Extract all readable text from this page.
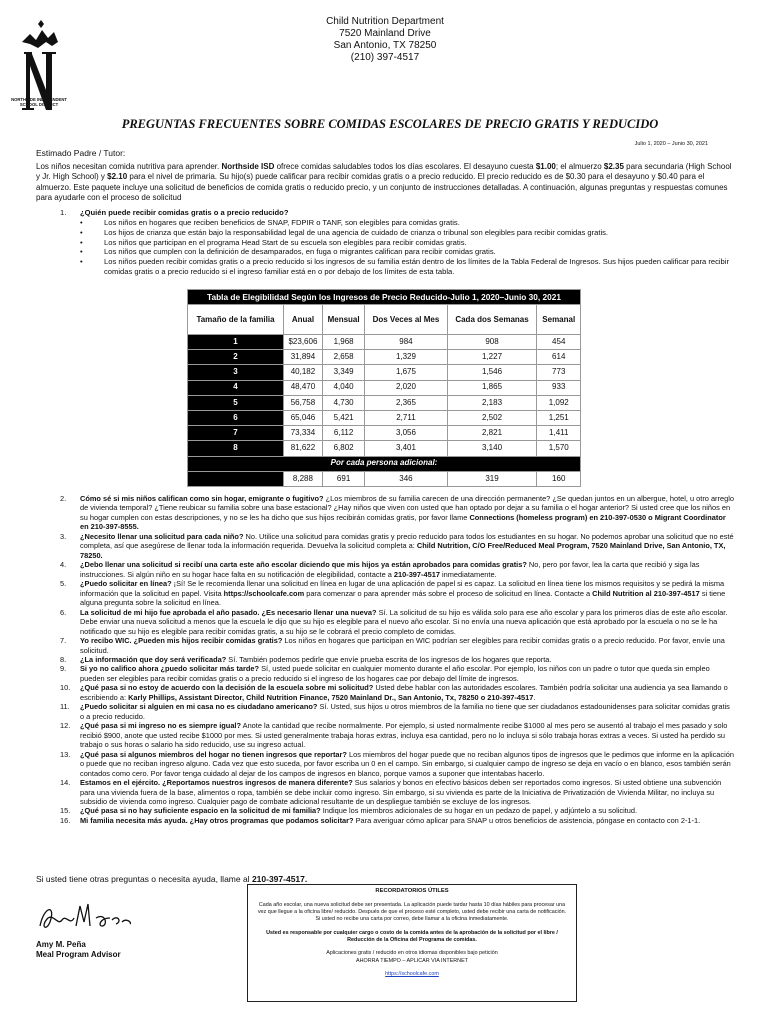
NORTHSIDE INDEPENDENT
SCHOOL DISTRICT
Child Nutrition Department
7520 Mainland Drive
San Antonio, TX 78250
(210) 397-4517
PREGUNTAS FRECUENTES SOBRE COMIDAS ESCOLARES DE PRECIO GRATIS Y REDUCIDO
Julio 1, 2020 – Junio 30, 2021
Estimado Padre / Tutor:
Los niños necesitan comida nutritiva para aprender. Northside ISD ofrece comidas saludables todos los días escolares. El desayuno cuesta $1.00; el almuerzo $2.35 para secundaria (High School y Jr. High School) y $2.10 para el nivel de primaria. Su hijo(s) puede calificar para recibir comidas gratis o a precio reducido. El precio reducido es de $0.30 para el desayuno y $0.40 para el almuerzo. Este paquete incluye una solicitud de beneficios de comida gratis o reducido precio, y un conjunto de instrucciones detalladas. A continuación, algunas preguntas y respuestas comunes para ayudarle con el proceso de solicitud
1.	¿Quién puede recibir comidas gratis o a precio reducido?
• Los niños en hogares que reciben beneficios de SNAP, FDPIR o TANF, son elegibles para comidas gratis.
• Los hijos de crianza que están bajo la responsabilidad legal de una agencia de cuidado de crianza o tribunal son elegibles para recibir comidas gratis.
• Los niños que participan en el programa Head Start de su escuela son elegibles para recibir comidas gratis.
• Los niños que cumplen con la definición de desamparados, en fuga o migrantes califican para recibir comidas gratis.
• Los niños pueden recibir comidas gratis o a precio reducido si los ingresos de su familia están dentro de los límites de la Tabla Federal de Ingresos. Sus hijos pueden calificar para recibir comidas gratis o a precio reducido si el ingreso familiar está en o por debajo de los límites de esta tabla.
Tabla de Elegibilidad Según los Ingresos de Precio Reducido-Julio 1, 2020–Junio 30, 2021					
Tamaño de la familia	Anual	Mensual	Dos Veces al Mes	Cada dos Semanas	Semanal
1	$23,606	1,968	984	908	454
2	31,894	2,658	1,329	1,227	614
3	40,182	3,349	1,675	1,546	773
4	48,470	4,040	2,020	1,865	933
5	56,758	4,730	2,365	2,183	1,092
6	65,046	5,421	2,711	2,502	1,251
7	73,334	6,112	3,056	2,821	1,411
8	81,622	6,802	3,401	3,140	1,570
Por cada persona adicional:					
	8,288	691	346	319	160
2.	Cómo sé si mis niños califican como sin hogar, emigrante o fugitivo? ¿Los miembros de su familia carecen de una dirección permanente? ¿Se quedan juntos en un albergue, hotel, u otro arreglo de vivienda temporal? ¿Tiene reubicar su familia sobre una base estacional? ¿Hay niños que viven con usted que han optado por dejar a su familia o el hogar anterior? Si usted cree que los niños en su hogar cumplen con estas descripciones, y no se les ha dicho que sus hijos recibirán comidas gratis, por favor llame Connections (homeless program) en 210-397-0530 o Migrant Coordinator en 210-397-8555.
3.	¿Necesito llenar una solicitud para cada niño? No. Utilice una solicitud para comidas gratis y precio reducido para todos los estudiantes en su hogar. No podemos aprobar una solicitud que no esté completa, así que asegúrese de llenar toda la información requerida. Devuelva la solicitud completa a: Child Nutrition, C/O Free/Reduced Meal Program, 7520 Mainland Drive, San Antonio, TX, 78250.
4.	¿Debo llenar una solicitud si recibí una carta este año escolar diciendo que mis hijos ya están aprobados para comidas gratis? No, pero por favor, lea la carta que recibió y siga las instrucciones. Si algún niño en su hogar hace falta en su notificación de elegibilidad, contacte a 210-397-4517 inmediatamente.
5.	¿Puedo solicitar en línea? ¡Sí! Se le recomienda llenar una solicitud en línea en lugar de una aplicación de papel si es capaz. La solicitud en línea tiene los mismos requisitos y se pedirá la misma información que la solicitud en papel. Visita https://schoolcafe.com para comenzar o para aprender más sobre el proceso de solicitud en línea. Contacte a Child Nutrition al 210-397-4517 si tiene alguna pregunta sobre la solicitud en línea.
6.	La solicitud de mi hijo fue aprobada el año pasado. ¿Es necesario llenar una nueva? Sí. La solicitud de su hijo es válida solo para ese año escolar y para los primeros días de este año escolar. Debe enviar una nueva solicitud a menos que la escuela le dijo que su hijo es elegible para el nuevo año escolar. Si no envía una nueva aplicación que está aprobado por la escuela o no se le ha notificado que su hijo es elegible para recibir comidas gratis, a su hijo se le cobrará el precio completo de comidas.
7.	Yo recibo WIC. ¿Pueden mis hijos recibir comidas gratis? Los niños en hogares que participan en WIC podrían ser elegibles para recibir comidas gratis o a precio reducido. Por favor, envíe una solicitud.
8.	¿La información que doy será verificada? Sí. También podemos pedirle que envíe prueba escrita de los ingresos de los hogares que reporta.
9.	Si yo no califico ahora ¿puedo solicitar más tarde? Sí, usted puede solicitar en cualquier momento durante el año escolar. Por ejemplo, los niños con un padre o tutor que queda sin empleo pueden ser elegibles para recibir comidas gratis o a precio reducido si el ingreso de los hogares cae por debajo del límite de ingresos.
10.	¿Qué pasa si no estoy de acuerdo con la decisión de la escuela sobre mi solicitud? Usted debe hablar con las autoridades escolares. También podría solicitar una audiencia ya sea llamando o escribiendo a: Karly Phillips, Assistant Director, Child Nutrition Finance, 7520 Mainland Dr., San Antonio, Tx, 78250 o 210-397-4517.
11.	¿Puedo solicitar si alguien en mi casa no es ciudadano americano? Sí. Usted, sus hijos u otros miembros de la familia no tiene que ser ciudadanos estadounidenses para solicitar comidas gratis o a precio reducido.
12.	¿Qué pasa si mi ingreso no es siempre igual? Anote la cantidad que recibe normalmente. Por ejemplo, si usted normalmente recibe $1000 al mes pero se ausentó al trabajo el mes pasado y solo recibió $900, anote que usted recibe $1000 por mes. Si usted generalmente trabaja horas extras, incluya esa cantidad, pero no lo incluya si sólo trabaja horas extras a veces. Si usted ha perdido su trabajo o sus horas o salario ha sido reducido, use su ingreso actual.
13.	¿Qué pasa si algunos miembros del hogar no tienen ingresos que reportar? Los miembros del hogar puede que no reciban algunos tipos de ingresos que le pedimos que informe en la aplicación o puede que no reciban ingreso alguno. Cada vez que esto suceda, por favor escriba un 0 en el campo. Sin embargo, si cualquier campo de ingreso se deja en vacío o en blanco, esos también serán contados como cero. Por favor tenga cuidado al dejar de los campos de ingresos en blanco, porque vamos a suponer que intentabas hacerlo.
14.	Estamos en el ejército. ¿Reportamos nuestros ingresos de manera diferente? Sus salarios y bonos en efectivo básicos deben ser reportados como ingresos. Si usted obtiene una subvención para una vivienda fuera de la base, alimentos o ropa, también se debe incluir como ingreso. Sin embargo, si su vivienda es parte de la Iniciativa de Privatización de Vivienda Militar, no incluya su subsidio de vivienda como ingreso. Cualquier pago de combate adicional resultante de un despliegue también se excluye de los ingresos.
15.	¿Qué pasa si no hay suficiente espacio en la solicitud de mi familia? Indique los miembros adicionales de su hogar en un pedazo de papel, y adjúntelo a su solicitud.
16.	Mi familia necesita más ayuda. ¿Hay otros programas que podamos solicitar? Para averiguar cómo aplicar para SNAP u otros beneficios de asistencia, póngase en contacto con 2-1-1.
Si usted tiene otras preguntas o necesita ayuda, llame al 210-397-4517.
Amy M. Peña
Meal Program Advisor
RECORDATORIOS ÚTILES

Cada año escolar, una nueva solicitud debe ser presentada. La aplicación puede tardar hasta 10 días hábiles para procesar una vez que llegue a la oficina libre/ reducido. Después de que el proceso esté completo, usted debe recibir una carta de notificación. Si usted no recibe una carta por correo, debe llamar a la oficina inmediatamente.

Usted es responsable por cualquier cargo o costo de la comida antes de la aprobación de la solicitud por el libre / Reducción de la Oficina del Programa de comidas.

Aplicaciones gratis / reducido en otros idiomas disponibles bajo petición

AHORRA TIEMPO – APLICAR VIA INTERNET

https://schoolcafe.com
